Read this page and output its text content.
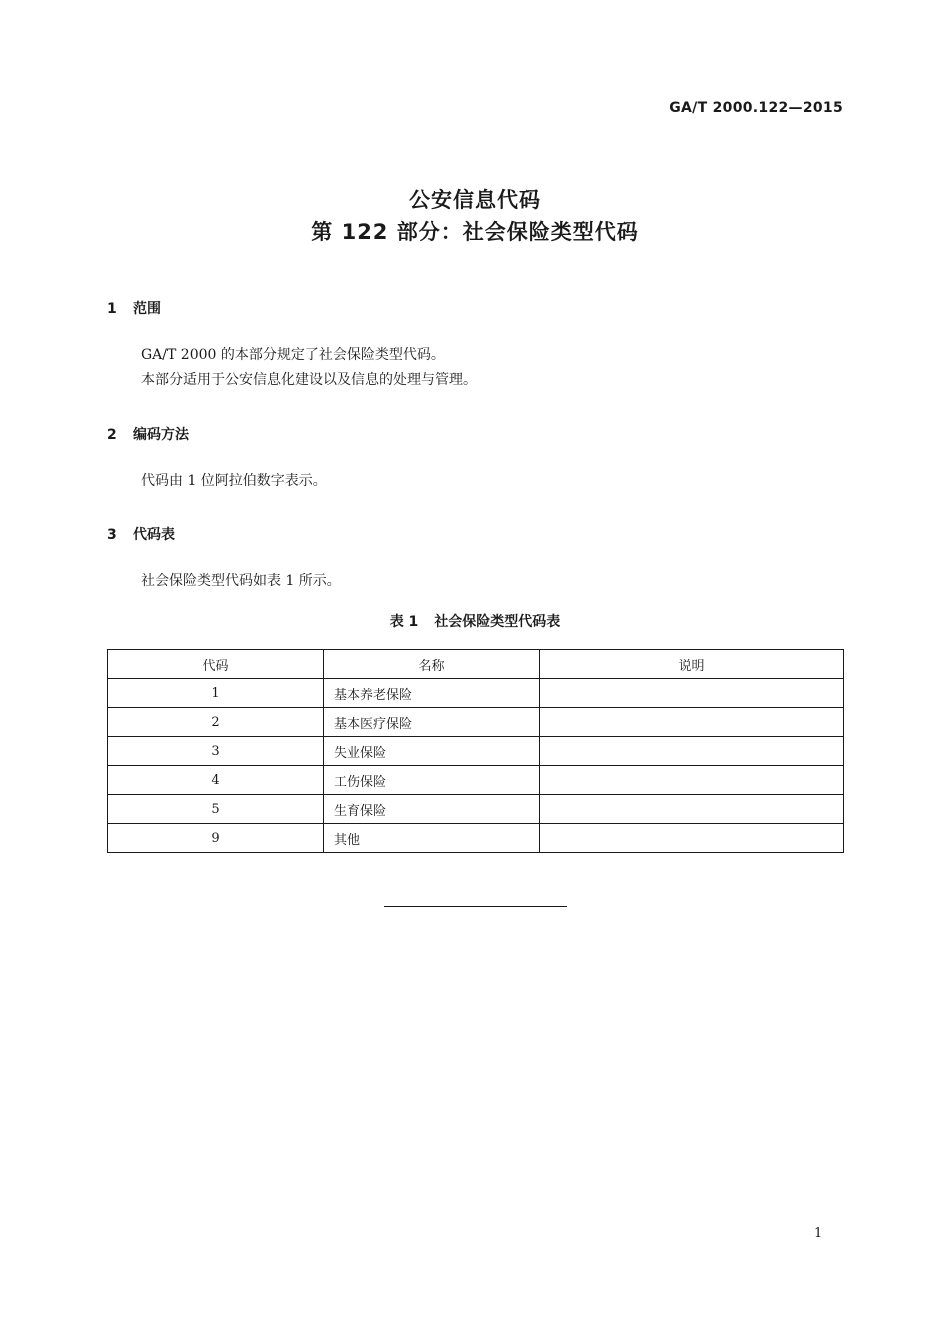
GA/T 2000.122—2015
公安信息代码
第 122 部分：社会保险类型代码
1 范围
GA/T 2000 的本部分规定了社会保险类型代码。
本部分适用于公安信息化建设以及信息的处理与管理。
2 编码方法
代码由 1 位阿拉伯数字表示。
3 代码表
社会保险类型代码如表 1 所示。
表 1 社会保险类型代码表
代码	名称	说明
1	基本养老保险	
2	基本医疗保险	
3	失业保险	
4	工伤保险	
5	生育保险	
9	其他	
1
